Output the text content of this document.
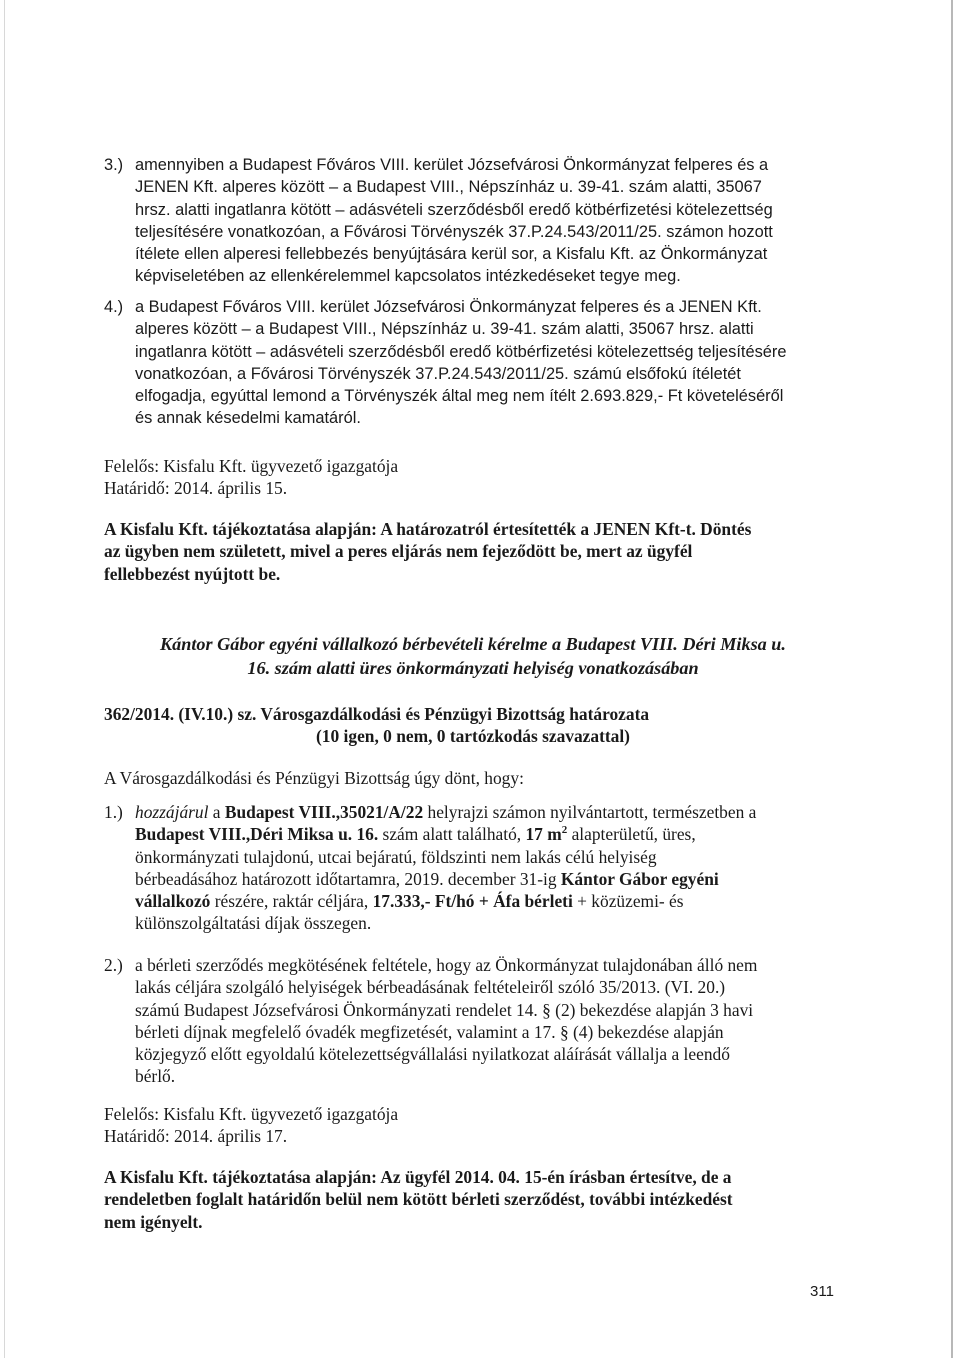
3.) amennyiben a Budapest Főváros VIII. kerület Józsefvárosi Önkormányzat felperes és a
JENEN Kft. alperes között – a Budapest VIII., Népszínház u. 39-41. szám alatti, 35067
hrsz. alatti ingatlanra kötött – adásvételi szerződésből eredő kötbérfizetési kötelezettség
teljesítésére vonatkozóan, a Fővárosi Törvényszék 37.P.24.543/2011/25. számon hozott
ítélete ellen alperesi fellebbezés benyújtására kerül sor, a Kisfalu Kft. az Önkormányzat
képviseletében az ellenkérelemmel kapcsolatos intézkedéseket tegye meg.
4.) a Budapest Főváros VIII. kerület Józsefvárosi Önkormányzat felperes és a JENEN Kft.
alperes között – a Budapest VIII., Népszínház u. 39-41. szám alatti, 35067 hrsz. alatti
ingatlanra kötött – adásvételi szerződésből eredő kötbérfizetési kötelezettség teljesítésére
vonatkozóan, a Fővárosi Törvényszék 37.P.24.543/2011/25. számú elsőfokú ítéletét
elfogadja, egyúttal lemond a Törvényszék által meg nem ítélt 2.693.829,- Ft követeléséről
és annak késedelmi kamatáról.
Felelős: Kisfalu Kft. ügyvezető igazgatója
Határidő: 2014. április 15.
A Kisfalu Kft. tájékoztatása alapján: A határozatról értesítették a JENEN Kft-t. Döntés
az ügyben nem született, mivel a peres eljárás nem fejeződött be, mert az ügyfél
fellebbezést nyújtott be.
Kántor Gábor egyéni vállalkozó bérbevételi kérelme a Budapest VIII. Déri Miksa u.
16. szám alatti üres önkormányzati helyiség vonatkozásában
362/2014. (IV.10.) sz. Városgazdálkodási és Pénzügyi Bizottság határozata
(10 igen, 0 nem, 0 tartózkodás szavazattal)
A Városgazdálkodási és Pénzügyi Bizottság úgy dönt, hogy:
1.) hozzájárul a Budapest VIII.,35021/A/22 helyrajzi számon nyilvántartott, természetben a
Budapest VIII.,Déri Miksa u. 16. szám alatt található, 17 $m^2$ alapterületű, üres,
önkormányzati tulajdonú, utcai bejáratú, földszinti nem lakás célú helyiség
bérbeadásához határozott időtartamra, 2019. december 31-ig Kántor Gábor egyéni
vállalkozó részére, raktár céljára, 17.333,- Ft/hó + Áfa bérleti + közüzemi- és
különszolgáltatási díjak összegen.
2.) a bérleti szerződés megkötésének feltétele, hogy az Önkormányzat tulajdonában álló nem
lakás céljára szolgáló helyiségek bérbeadásának feltételeiről szóló 35/2013. (VI. 20.)
számú Budapest Józsefvárosi Önkormányzati rendelet 14. § (2) bekezdése alapján 3 havi
bérleti díjnak megfelelő óvadék megfizetését, valamint a 17. § (4) bekezdése alapján
közjegyző előtt egyoldalú kötelezettségvállalási nyilatkozat aláírását vállalja a leendő
bérlő.
Felelős: Kisfalu Kft. ügyvezető igazgatója
Határidő: 2014. április 17.
A Kisfalu Kft. tájékoztatása alapján: Az ügyfél 2014. 04. 15-én írásban értesítve, de a
rendeletben foglalt határidőn belül nem kötött bérleti szerződést, további intézkedést
nem igényelt.
311
